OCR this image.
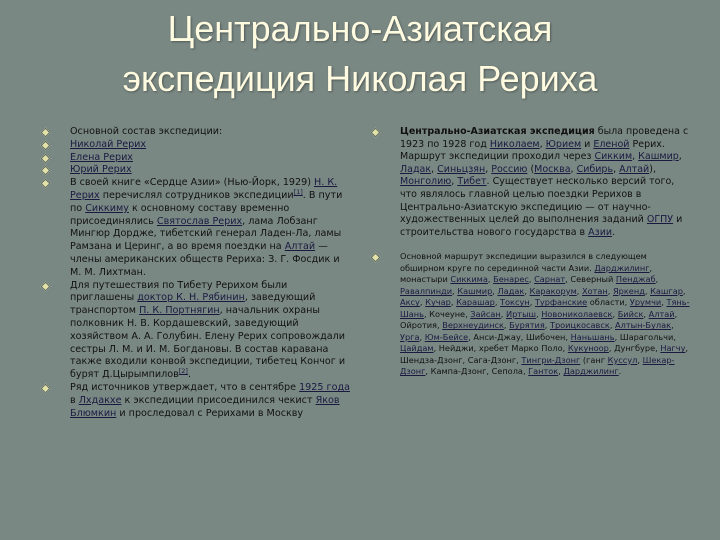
Центрально-Азиатская
экспедиция Николая Рериха
Основной состав экспедиции:
Николай Рерих
Елена Рерих
Юрий Рерих
В своей книге «Сердце Азии» (Нью-Йорк, 1929) Н. К. Рерих перечислял сотрудников экспедиции[1]. В пути по Сиккиму к основному составу временно присоединялись Святослав Рерих, лама Лобзанг Мингюр Дордже, тибетский генерал Ладен-Ла, ламы Рамзана и Церинг, а во время поездки на Алтай — члены американских обществ Рериха: З. Г. Фосдик и М. М. Лихтман.
Для путешествия по Тибету Рерихом были приглашены доктор К. Н. Рябинин, заведующий транспортом П. К. Портнягин, начальник охраны полковник Н. В. Кордашевский, заведующий хозяйством А. А. Голубин. Елену Рерих сопровождали сестры Л. М. и И. М. Богдановы. В состав каравана также входили конвой экспедиции, тибетец Кончог и бурят Д.Цырымпилов[2].
Ряд источников утверждает, что в сентябре 1925 года в Лхдакхе к экспедиции присоединился чекист Яков Блюмкин и проследовал с Рерихами в Москву
Центрально-Азиатская экспедиция была проведена с 1923 по 1928 год Николаем, Юрием и Еленой Рерих. Маршрут экспедиции проходил через Сикким, Кашмир, Ладак, Синьцзян, Россию (Москва, Сибирь, Алтай), Монголию, Тибет. Существует несколько версий того, что являлось главной целью поездки Рерихов в Центрально-Азиатскую экспедицию — от научно-художественных целей до выполнения заданий ОГПУ и строительства нового государства в Азии.
Основной маршрут экспедиции выразился в следующем обширном круге по серединной части Азии. Дарджилинг, монастыри Сиккима, Бенарес, Сарнат, Северный Пенджаб, Равалпинди, Кашмир, Ладак, Каракорум, Хотан, Яркенд, Кашгар, Аксу, Кучар, Карашар, Токсун, Турфанские области, Урумчи, Тянь-Шань, Кочеуне, Зайсан, Иртыш, Новониколаевск, Бийск, Алтай, Ойротия, Верхнеудинск, Бурятия, Троицкосавск, Алтын-Булак, Урга, Юм-Бейсе, Анси-Джау, Шибочен, Наньшань, Шарагольчи, Цайдам, Нейджи, хребет Марко Поло, Кукуноор, Дунгбуре, Нагчу, Шендза-Дзонг, Сага-Дзонг, Тингри-Дзонг (ганг Куссул, Шекар-Дзонг, Кампа-Дзонг, Сепола, Ганток, Дарджилинг.
